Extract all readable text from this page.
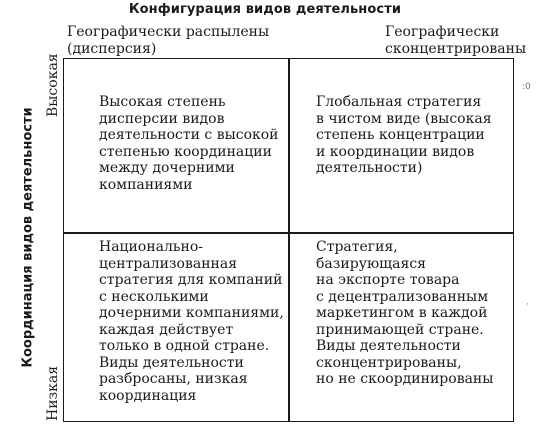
Конфигурация видов деятельности
Географически распылены
(дисперсия)
Географически
сконцентрированы
Координация видов деятельности
Высокая
Низкая
Высокая степень
дисперсии видов
деятельности с высокой
степенью координации
между дочерними
компаниями
Глобальная стратегия
в чистом виде (высокая
степень концентрации
и координации видов
деятельности)
Национально-
централизованная
стратегия для компаний
с несколькими
дочерними компаниями,
каждая действует
только в одной стране.
Виды деятельности
разбросаны, низкая
координация
Стратегия, базирующаяся
на экспорте товара
с децентрализованным
маркетингом в каждой
принимающей стране.
Виды деятельности
сконцентрированы,
но не скоординированы
:0
·
